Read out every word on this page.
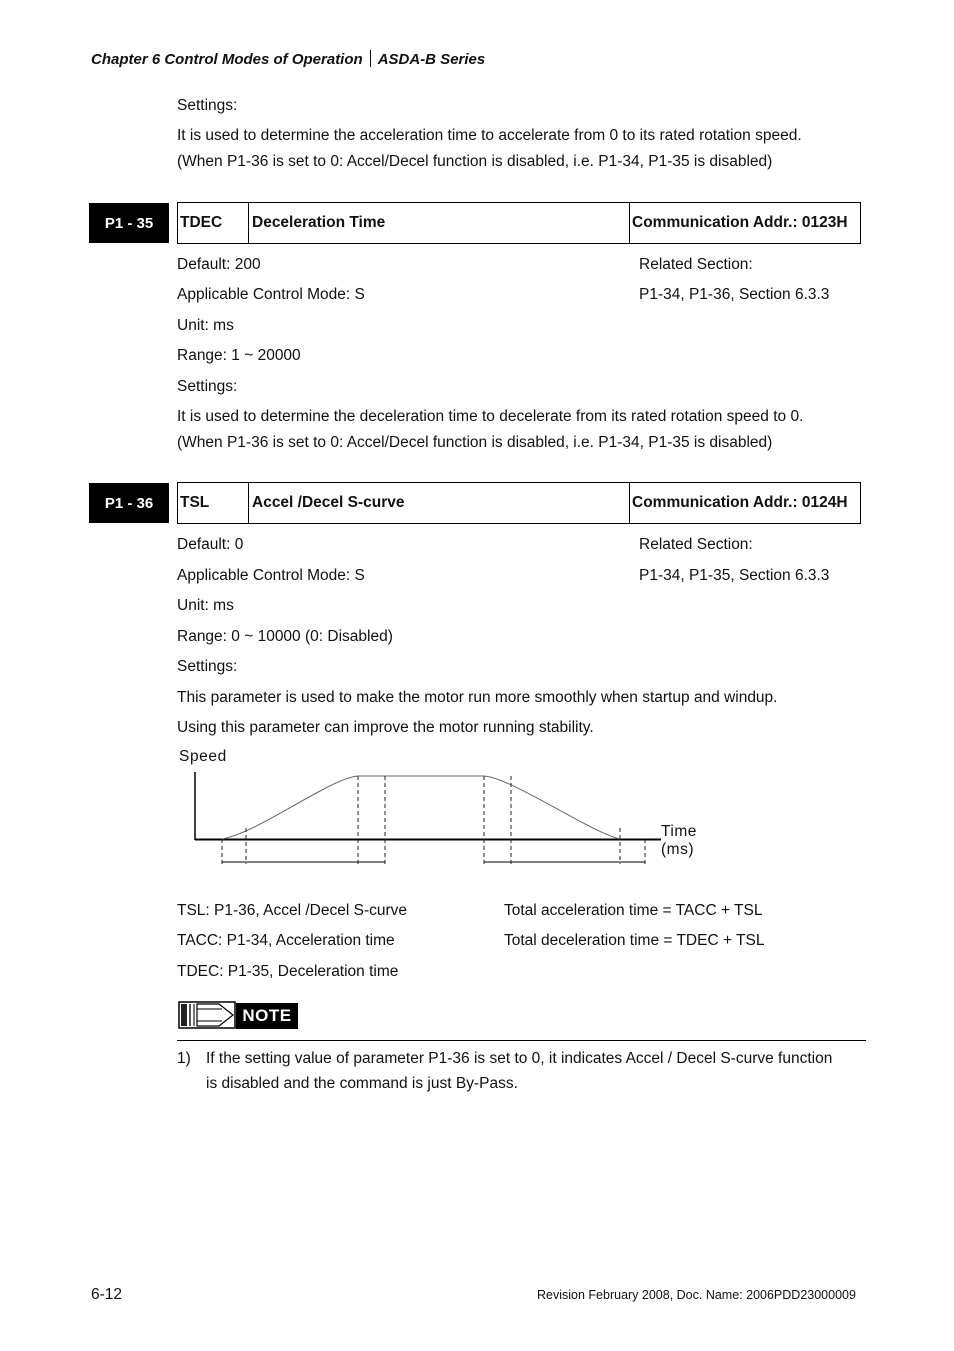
Chapter 6 Control Modes of Operation ASDA-B Series
Settings:
It is used to determine the acceleration time to accelerate from 0 to its rated rotation speed.
(When P1-36 is set to 0: Accel/Decel function is disabled, i.e. P1-34, P1-35 is disabled)
P1 - 35	TDEC	Deceleration Time	Communication Addr.: 0123H
Default: 200	Related Section:
Applicable Control Mode: S	P1-34, P1-36, Section 6.3.3
Unit: ms
Range: 1 ~ 20000
Settings:
It is used to determine the deceleration time to decelerate from its rated rotation speed to 0.
(When P1-36 is set to 0: Accel/Decel function is disabled, i.e. P1-34, P1-35 is disabled)
P1 - 36	TSL	Accel /Decel S-curve	Communication Addr.: 0124H
Default: 0	Related Section:
Applicable Control Mode: S	P1-34, P1-35, Section 6.3.3
Unit: ms
Range: 0 ~ 10000 (0: Disabled)
Settings:
This parameter is used to make the motor run more smoothly when startup and windup.
Using this parameter can improve the motor running stability.
Speed
Time
(ms)
TSL: P1-36, Accel /Decel S-curve	Total acceleration time = TACC + TSL
TACC: P1-34, Acceleration time	Total deceleration time = TDEC + TSL
TDEC: P1-35, Deceleration time
NOTE
1) If the setting value of parameter P1-36 is set to 0, it indicates Accel / Decel S-curve function
is disabled and the command is just By-Pass.
6-12	Revision February 2008, Doc. Name: 2006PDD23000009
